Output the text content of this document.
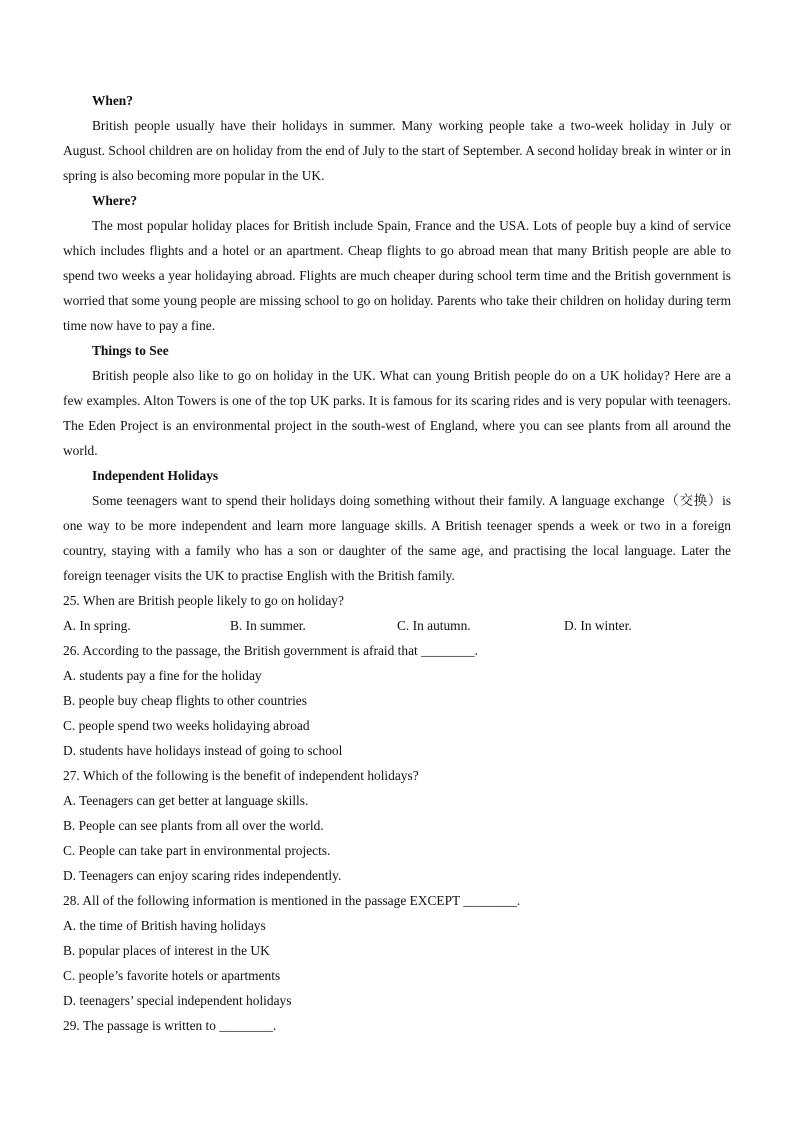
When?

British people usually have their holidays in summer. Many working people take a two-week holiday in July or August. School children are on holiday from the end of July to the start of September. A second holiday break in winter or in spring is also becoming more popular in the UK.

Where?

The most popular holiday places for British include Spain, France and the USA. Lots of people buy a kind of service which includes flights and a hotel or an apartment. Cheap flights to go abroad mean that many British people are able to spend two weeks a year holidaying abroad. Flights are much cheaper during school term time and the British government is worried that some young people are missing school to go on holiday. Parents who take their children on holiday during term time now have to pay a fine.

Things to See

British people also like to go on holiday in the UK. What can young British people do on a UK holiday? Here are a few examples. Alton Towers is one of the top UK parks. It is famous for its scaring rides and is very popular with teenagers. The Eden Project is an environmental project in the south-west of England, where you can see plants from all around the world.

Independent Holidays

Some teenagers want to spend their holidays doing something without their family. A language exchange（交换）is one way to be more independent and learn more language skills. A British teenager spends a week or two in a foreign country, staying with a family who has a son or daughter of the same age, and practising the local language. Later the foreign teenager visits the UK to practise English with the British family.

25. When are British people likely to go on holiday?

A. In spring.	B. In summer.	C. In autumn.	D. In winter.

26. According to the passage, the British government is afraid that ________.

A. students pay a fine for the holiday

B. people buy cheap flights to other countries

C. people spend two weeks holidaying abroad

D. students have holidays instead of going to school

27. Which of the following is the benefit of independent holidays?

A. Teenagers can get better at language skills.

B. People can see plants from all over the world.

C. People can take part in environmental projects.

D. Teenagers can enjoy scaring rides independently.

28. All of the following information is mentioned in the passage EXCEPT ________.

A. the time of British having holidays

B. popular places of interest in the UK

C. people’s favorite hotels or apartments

D. teenagers’ special independent holidays

29. The passage is written to ________.
